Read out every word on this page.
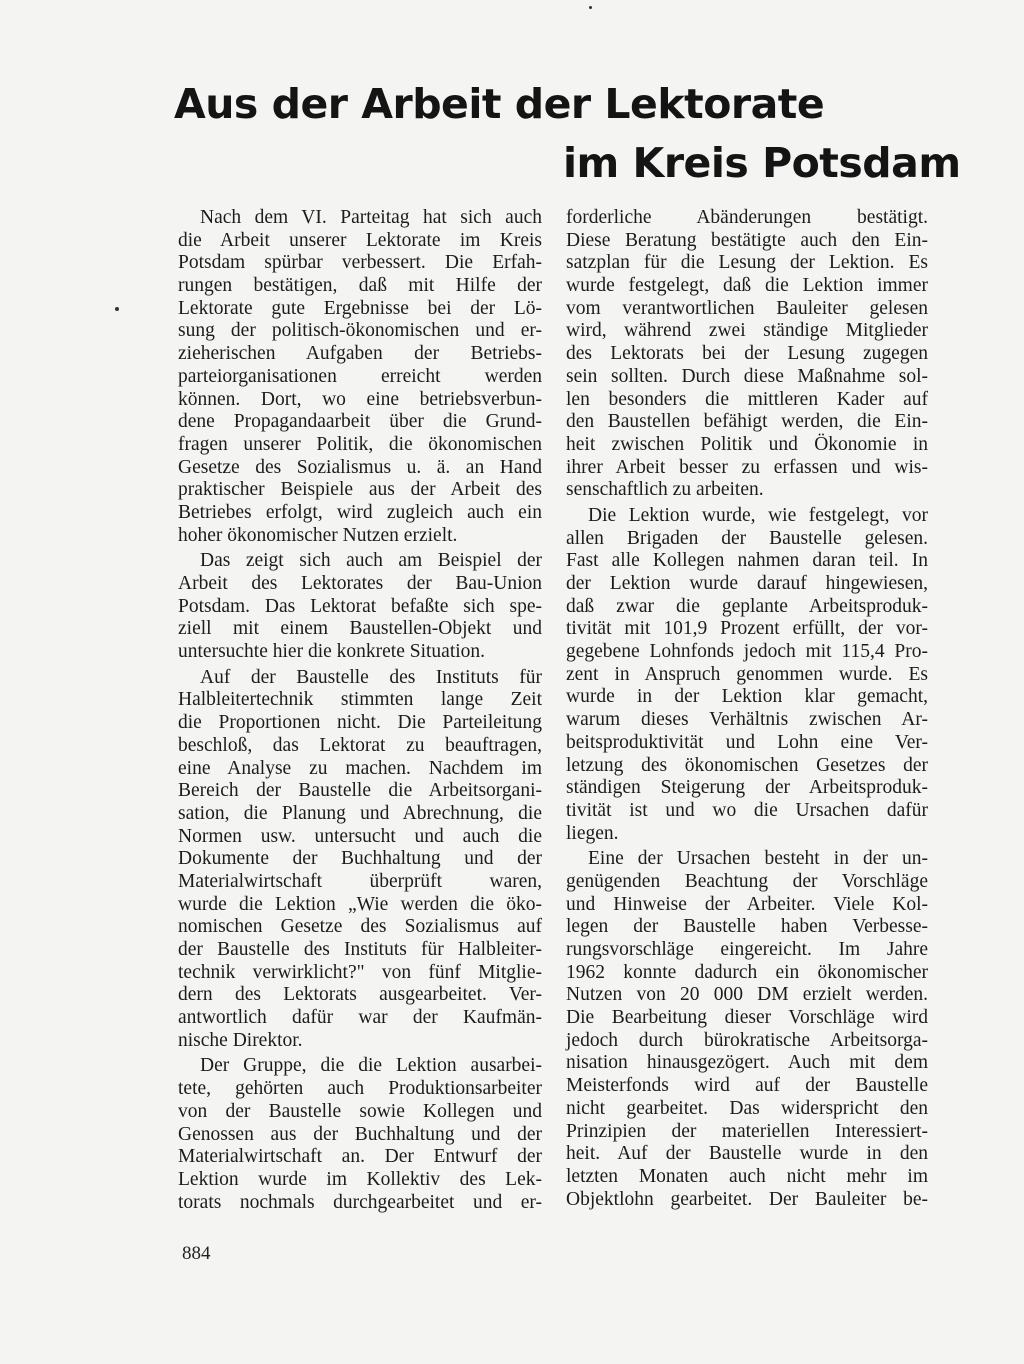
Aus der Arbeit der Lektorate
im Kreis Potsdam
Nach dem VI. Parteitag hat sich auch
die Arbeit unserer Lektorate im Kreis
Potsdam spürbar verbessert. Die Erfah-
rungen bestätigen, daß mit Hilfe der
Lektorate gute Ergebnisse bei der Lö-
sung der politisch-ökonomischen und er-
zieherischen Aufgaben der Betriebs-
parteiorganisationen erreicht werden
können. Dort, wo eine betriebsverbun-
dene Propagandaarbeit über die Grund-
fragen unserer Politik, die ökonomischen
Gesetze des Sozialismus u. ä. an Hand
praktischer Beispiele aus der Arbeit des
Betriebes erfolgt, wird zugleich auch ein
hoher ökonomischer Nutzen erzielt.
Das zeigt sich auch am Beispiel der
Arbeit des Lektorates der Bau-Union
Potsdam. Das Lektorat befaßte sich spe-
ziell mit einem Baustellen-Objekt und
untersuchte hier die konkrete Situation.
Auf der Baustelle des Instituts für
Halbleitertechnik stimmten lange Zeit
die Proportionen nicht. Die Parteileitung
beschloß, das Lektorat zu beauftragen,
eine Analyse zu machen. Nachdem im
Bereich der Baustelle die Arbeitsorgani-
sation, die Planung und Abrechnung, die
Normen usw. untersucht und auch die
Dokumente der Buchhaltung und der
Materialwirtschaft überprüft waren,
wurde die Lektion „Wie werden die öko-
nomischen Gesetze des Sozialismus auf
der Baustelle des Instituts für Halbleiter-
technik verwirklicht?" von fünf Mitglie-
dern des Lektorats ausgearbeitet. Ver-
antwortlich dafür war der Kaufmän-
nische Direktor.
Der Gruppe, die die Lektion ausarbei-
tete, gehörten auch Produktionsarbeiter
von der Baustelle sowie Kollegen und
Genossen aus der Buchhaltung und der
Materialwirtschaft an. Der Entwurf der
Lektion wurde im Kollektiv des Lek-
torats nochmals durchgearbeitet und er-
forderliche Abänderungen bestätigt.
Diese Beratung bestätigte auch den Ein-
satzplan für die Lesung der Lektion. Es
wurde festgelegt, daß die Lektion immer
vom verantwortlichen Bauleiter gelesen
wird, während zwei ständige Mitglieder
des Lektorats bei der Lesung zugegen
sein sollten. Durch diese Maßnahme sol-
len besonders die mittleren Kader auf
den Baustellen befähigt werden, die Ein-
heit zwischen Politik und Ökonomie in
ihrer Arbeit besser zu erfassen und wis-
senschaftlich zu arbeiten.
Die Lektion wurde, wie festgelegt, vor
allen Brigaden der Baustelle gelesen.
Fast alle Kollegen nahmen daran teil. In
der Lektion wurde darauf hingewiesen,
daß zwar die geplante Arbeitsproduk-
tivität mit 101,9 Prozent erfüllt, der vor-
gegebene Lohnfonds jedoch mit 115,4 Pro-
zent in Anspruch genommen wurde. Es
wurde in der Lektion klar gemacht,
warum dieses Verhältnis zwischen Ar-
beitsproduktivität und Lohn eine Ver-
letzung des ökonomischen Gesetzes der
ständigen Steigerung der Arbeitsproduk-
tivität ist und wo die Ursachen dafür
liegen.
Eine der Ursachen besteht in der un-
genügenden Beachtung der Vorschläge
und Hinweise der Arbeiter. Viele Kol-
legen der Baustelle haben Verbesse-
rungsvorschläge eingereicht. Im Jahre
1962 konnte dadurch ein ökonomischer
Nutzen von 20 000 DM erzielt werden.
Die Bearbeitung dieser Vorschläge wird
jedoch durch bürokratische Arbeitsorga-
nisation hinausgezögert. Auch mit dem
Meisterfonds wird auf der Baustelle
nicht gearbeitet. Das widerspricht den
Prinzipien der materiellen Interessiert-
heit. Auf der Baustelle wurde in den
letzten Monaten auch nicht mehr im
Objektlohn gearbeitet. Der Bauleiter be-
884
